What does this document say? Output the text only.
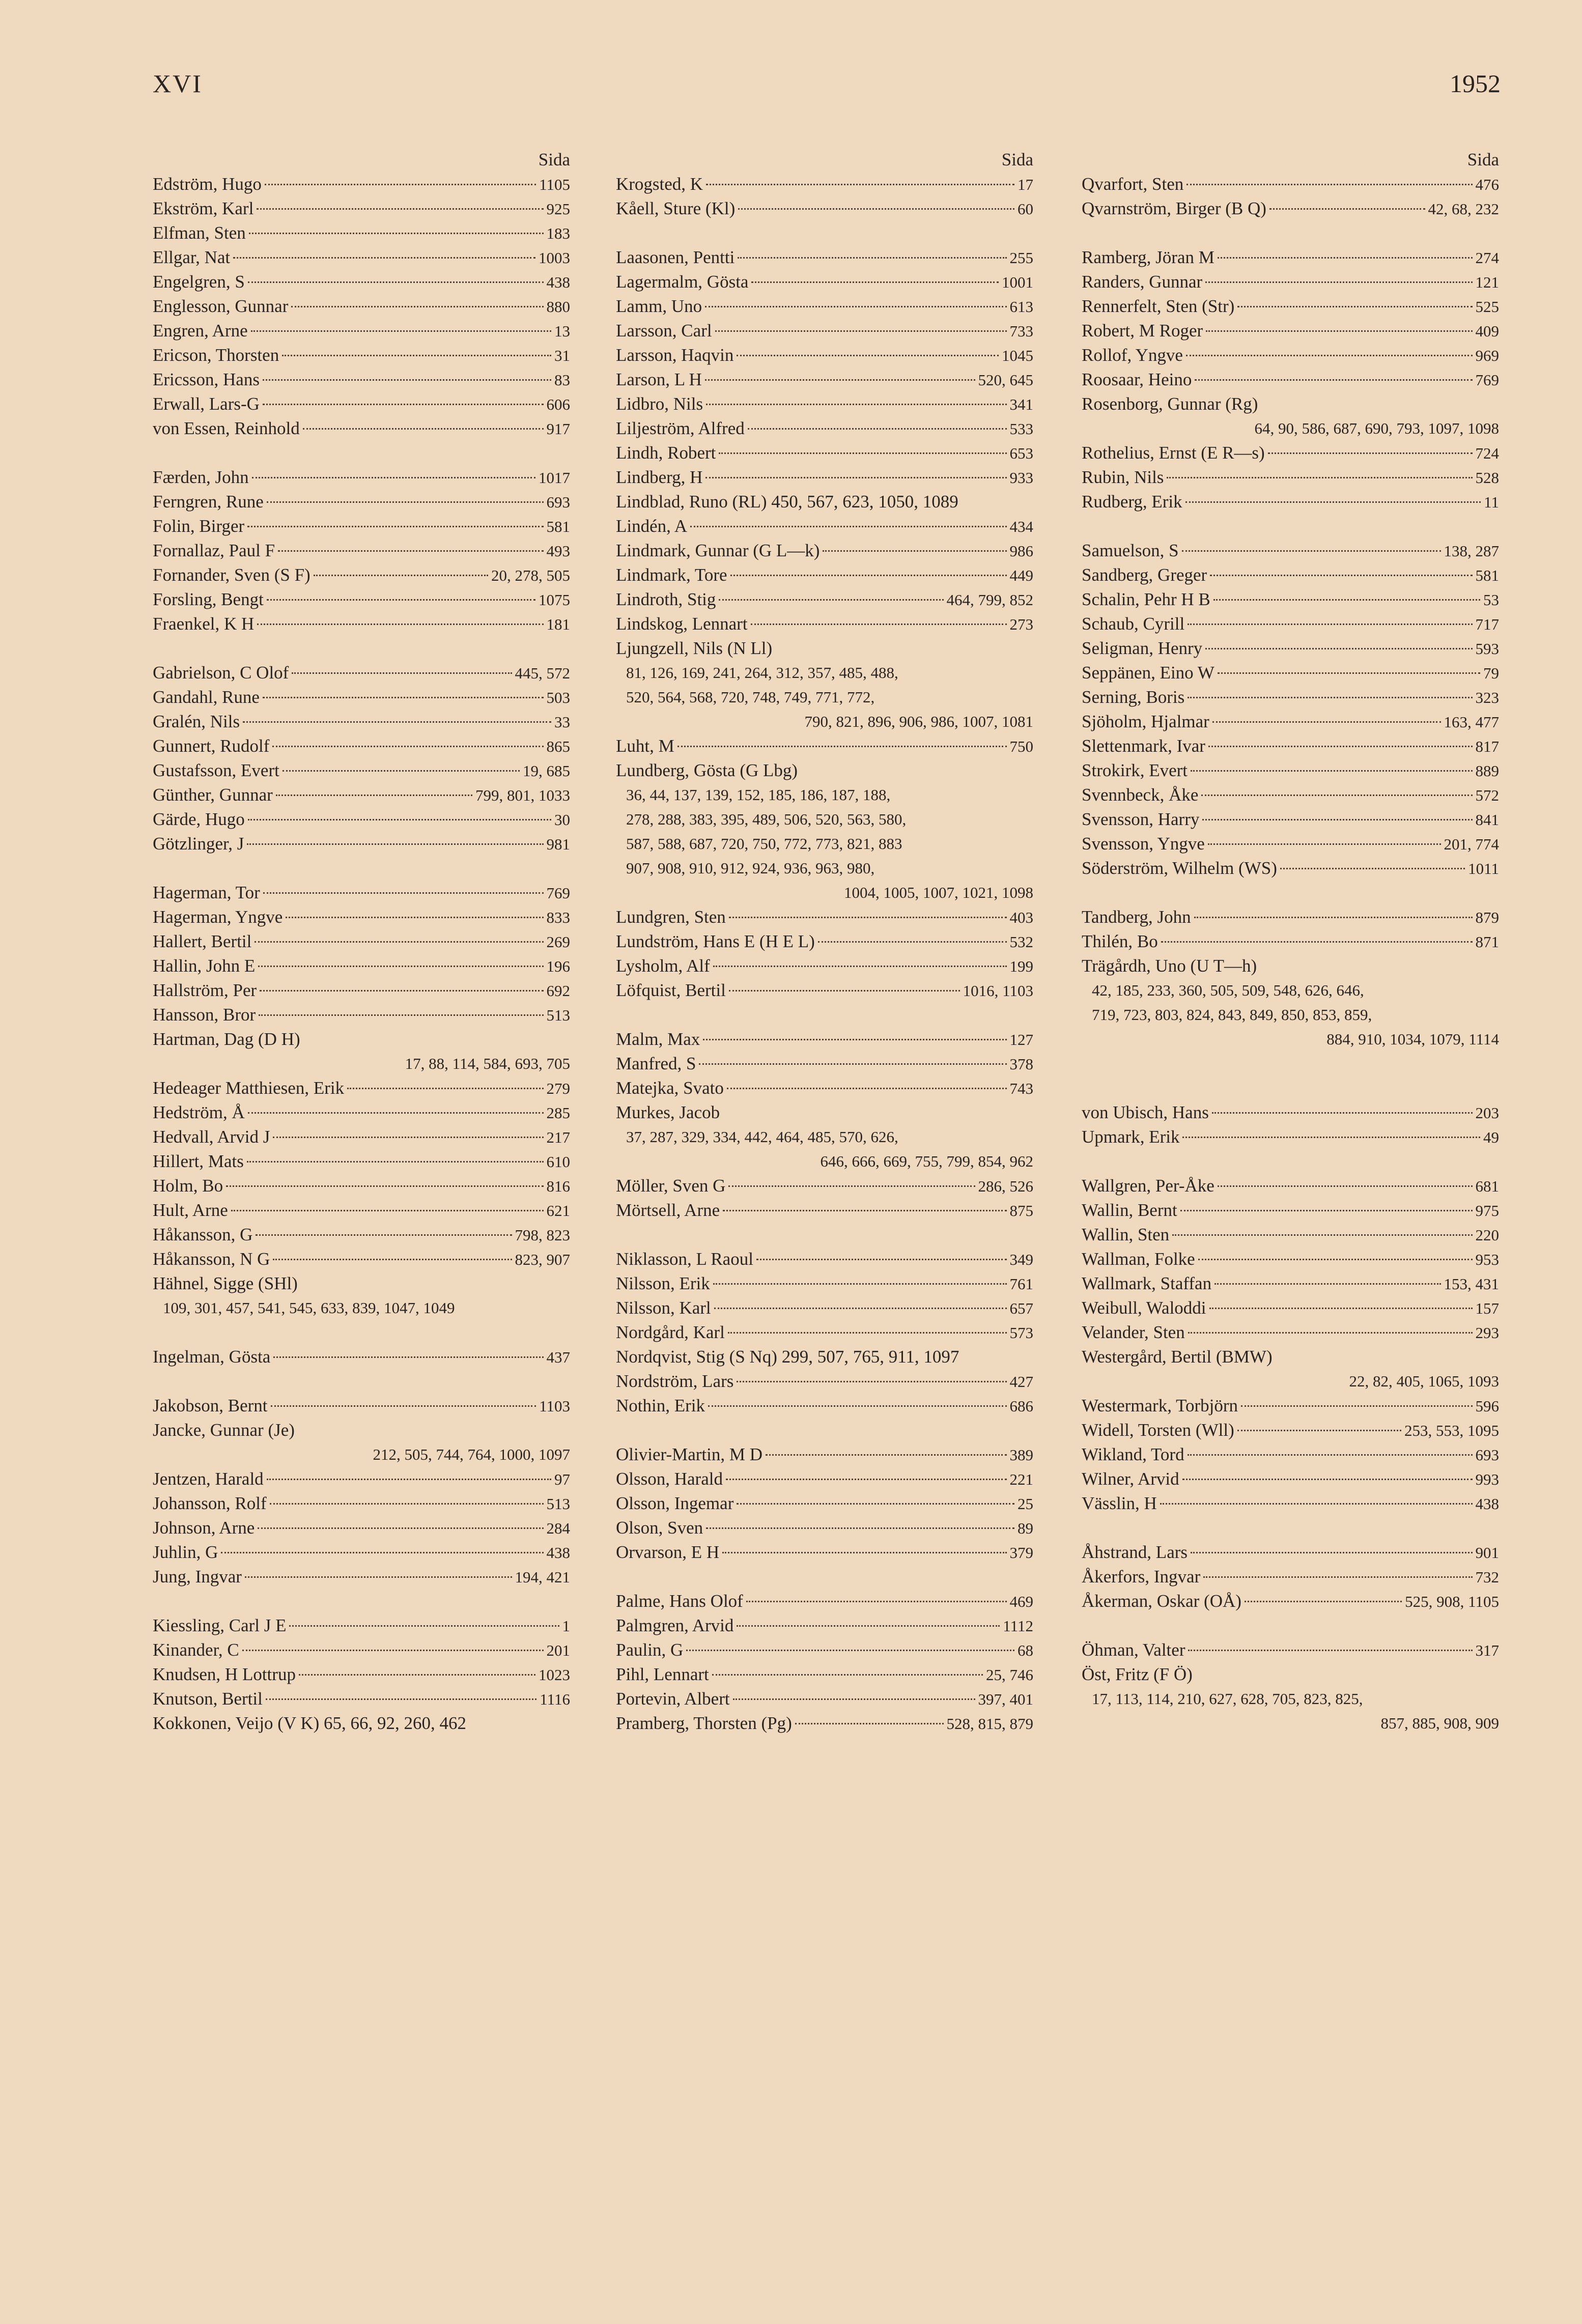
XVI	1952
Sida
Edström, Hugo	1105
Ekström, Karl	925
Elfman, Sten	183
Ellgar, Nat	1003
Engelgren, S	438
Englesson, Gunnar	880
Engren, Arne	13
Ericson, Thorsten	31
Ericsson, Hans	83
Erwall, Lars-G	606
von Essen, Reinhold	917
Færden, John	1017
Ferngren, Rune	693
Folin, Birger	581
Fornallaz, Paul F	493
Fornander, Sven (S F)	20, 278, 505
Forsling, Bengt	1075
Fraenkel, K H	181
Gabrielson, C Olof	445, 572
Gandahl, Rune	503
Gralén, Nils	33
Gunnert, Rudolf	865
Gustafsson, Evert	19, 685
Günther, Gunnar	799, 801, 1033
Gärde, Hugo	30
Götzlinger, J	981
Hagerman, Tor	769
Hagerman, Yngve	833
Hallert, Bertil	269
Hallin, John E	196
Hallström, Per	692
Hansson, Bror	513
Hartman, Dag (D H)
17, 88, 114, 584, 693, 705
Hedeager Matthiesen, Erik	279
Hedström, Å	285
Hedvall, Arvid J	217
Hillert, Mats	610
Holm, Bo	816
Hult, Arne	621
Håkansson, G	798, 823
Håkansson, N G	823, 907
Hähnel, Sigge (SHl)
109, 301, 457, 541, 545, 633, 839, 1047, 1049
Ingelman, Gösta	437
Jakobson, Bernt	1103
Jancke, Gunnar (Je)
212, 505, 744, 764, 1000, 1097
Jentzen, Harald	97
Johansson, Rolf	513
Johnson, Arne	284
Juhlin, G	438
Jung, Ingvar	194, 421
Kiessling, Carl J E	1
Kinander, C	201
Knudsen, H Lottrup	1023
Knutson, Bertil	1116
Kokkonen, Veijo (V K) 65, 66, 92, 260, 462
Sida
Krogsted, K	17
Kåell, Sture (Kl)	60
Laasonen, Pentti	255
Lagermalm, Gösta	1001
Lamm, Uno	613
Larsson, Carl	733
Larsson, Haqvin	1045
Larson, L H	520, 645
Lidbro, Nils	341
Liljeström, Alfred	533
Lindh, Robert	653
Lindberg, H	933
Lindblad, Runo (RL) 450, 567, 623, 1050, 1089
Lindén, A	434
Lindmark, Gunnar (G L—k)	986
Lindmark, Tore	449
Lindroth, Stig	464, 799, 852
Lindskog, Lennart	273
Ljungzell, Nils (N Ll)
81, 126, 169, 241, 264, 312, 357, 485, 488,
520, 564, 568, 720, 748, 749, 771, 772,
790, 821, 896, 906, 986, 1007, 1081
Luht, M	750
Lundberg, Gösta (G Lbg)
36, 44, 137, 139, 152, 185, 186, 187, 188,
278, 288, 383, 395, 489, 506, 520, 563, 580,
587, 588, 687, 720, 750, 772, 773, 821, 883
907, 908, 910, 912, 924, 936, 963, 980,
1004, 1005, 1007, 1021, 1098
Lundgren, Sten	403
Lundström, Hans E (H E L)	532
Lysholm, Alf	199
Löfquist, Bertil	1016, 1103
Malm, Max	127
Manfred, S	378
Matejka, Svato	743
Murkes, Jacob
37, 287, 329, 334, 442, 464, 485, 570, 626,
646, 666, 669, 755, 799, 854, 962
Möller, Sven G	286, 526
Mörtsell, Arne	875
Niklasson, L Raoul	349
Nilsson, Erik	761
Nilsson, Karl	657
Nordgård, Karl	573
Nordqvist, Stig (S Nq) 299, 507, 765, 911, 1097
Nordström, Lars	427
Nothin, Erik	686
Olivier-Martin, M D	389
Olsson, Harald	221
Olsson, Ingemar	25
Olson, Sven	89
Orvarson, E H	379
Palme, Hans Olof	469
Palmgren, Arvid	1112
Paulin, G	68
Pihl, Lennart	25, 746
Portevin, Albert	397, 401
Pramberg, Thorsten (Pg)	528, 815, 879
Sida
Qvarfort, Sten	476
Qvarnström, Birger (B Q)	42, 68, 232
Ramberg, Jöran M	274
Randers, Gunnar	121
Rennerfelt, Sten (Str)	525
Robert, M Roger	409
Rollof, Yngve	969
Roosaar, Heino	769
Rosenborg, Gunnar (Rg)
64, 90, 586, 687, 690, 793, 1097, 1098
Rothelius, Ernst (E R—s)	724
Rubin, Nils	528
Rudberg, Erik	11
Samuelson, S	138, 287
Sandberg, Greger	581
Schalin, Pehr H B	53
Schaub, Cyrill	717
Seligman, Henry	593
Seppänen, Eino W	79
Serning, Boris	323
Sjöholm, Hjalmar	163, 477
Slettenmark, Ivar	817
Strokirk, Evert	889
Svennbeck, Åke	572
Svensson, Harry	841
Svensson, Yngve	201, 774
Söderström, Wilhelm (WS)	1011
Tandberg, John	879
Thilén, Bo	871
Trägårdh, Uno (U T—h)
42, 185, 233, 360, 505, 509, 548, 626, 646,
719, 723, 803, 824, 843, 849, 850, 853, 859,
884, 910, 1034, 1079, 1114
von Ubisch, Hans	203
Upmark, Erik	49
Wallgren, Per-Åke	681
Wallin, Bernt	975
Wallin, Sten	220
Wallman, Folke	953
Wallmark, Staffan	153, 431
Weibull, Waloddi	157
Velander, Sten	293
Westergård, Bertil (BMW)
22, 82, 405, 1065, 1093
Westermark, Torbjörn	596
Widell, Torsten (Wll)	253, 553, 1095
Wikland, Tord	693
Wilner, Arvid	993
Vässlin, H	438
Åhstrand, Lars	901
Åkerfors, Ingvar	732
Åkerman, Oskar (OÅ)	525, 908, 1105
Öhman, Valter	317
Öst, Fritz (F Ö)
17, 113, 114, 210, 627, 628, 705, 823, 825,
857, 885, 908, 909
